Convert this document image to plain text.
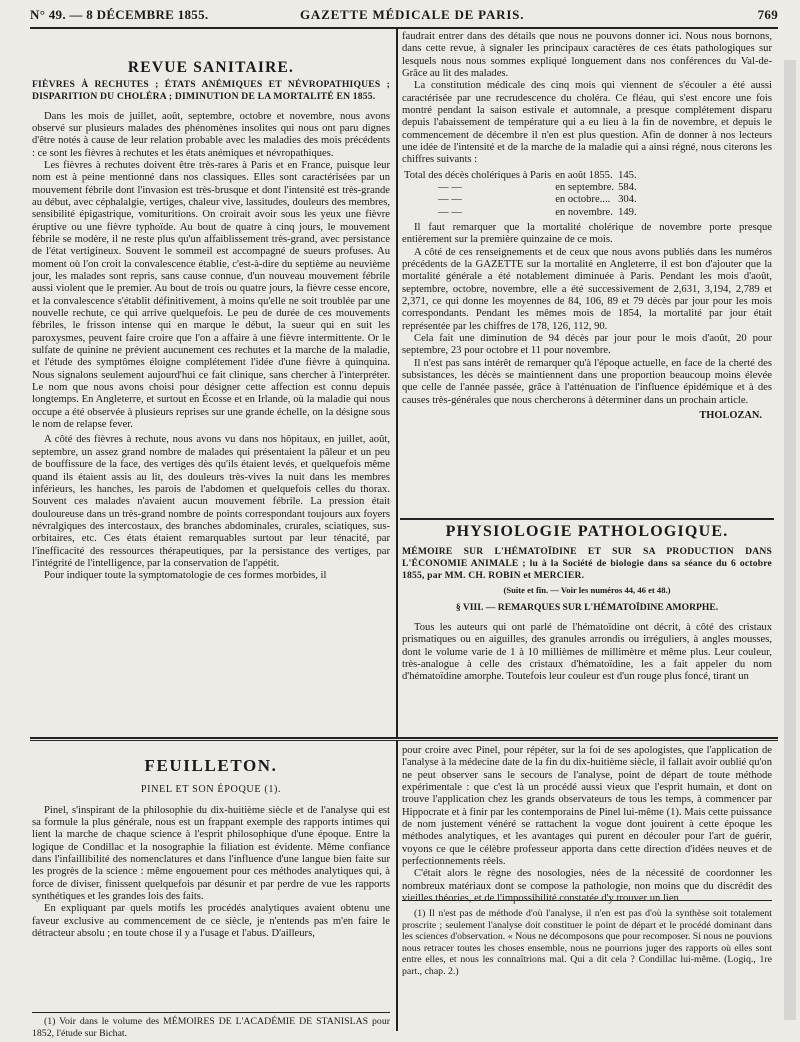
N° 49. — 8 DÉCEMBRE 1855.	GAZETTE MÉDICALE DE PARIS.	769
REVUE SANITAIRE.
FIÈVRES À RECHUTES ; ÉTATS ANÉMIQUES ET NÉVROPATHIQUES ; DISPARITION DU CHOLÉRA ; DIMINUTION DE LA MORTALITÉ EN 1855.

Dans les mois de juillet, août, septembre, octobre et novembre, nous avons observé sur plusieurs malades des phénomènes insolites qui nous ont paru dignes d'être notés à cause de leur relation probable avec les maladies des mois précédents : ce sont les fièvres à rechutes et les états anémiques et névropathiques.

Les fièvres à rechutes doivent être très-rares à Paris et en France, puisque leur nom est à peine mentionné dans nos classiques. Elles sont caractérisées par un mouvement fébrile dont l'invasion est très-brusque et dont l'intensité est très-grande au début, avec céphalalgie, vertiges, chaleur vive, lassitudes, douleurs des membres, sensibilité épigastrique, vomituritions. On croirait avoir sous les yeux une fièvre éruptive ou une fièvre typhoïde. Au bout de quatre à cinq jours, le mouvement fébrile se modère, il ne reste plus qu'un affaiblissement très-grand, avec persistance de l'état vertigineux. Souvent le sommeil est accompagné de sueurs profuses. Au moment où l'on croit la convalescence établie, c'est-à-dire du septième au neuvième jour, les malades sont repris, sans cause connue, d'un nouveau mouvement fébrile aussi violent que le premier. Au bout de trois ou quatre jours, la fièvre cesse encore, et la convalescence s'établit définitivement, à moins qu'elle ne soit troublée par une nouvelle rechute, ce qui arrive quelquefois. Le peu de durée de ces mouvements fébriles, le frisson intense qui en marque le début, la sueur qui en suit les paroxysmes, peuvent faire croire que l'on a affaire à une fièvre intermittente. Or le sulfate de quinine ne prévient aucunement ces rechutes et la marche de la maladie, et l'étude des symptômes éloigne complétement l'idée d'une fièvre à quinquina. Nous signalons seulement aujourd'hui ce fait clinique, sans chercher à l'interpréter. Le nom que nous avons choisi pour désigner cette affection est connu depuis longtemps. En Angleterre, et surtout en Écosse et en Irlande, où la maladie qui nous occupe a été observée à plusieurs reprises sur une grande échelle, on la désigne sous le nom de relapse fever.

A côté des fièvres à rechute, nous avons vu dans nos hôpitaux, en juillet, août, septembre, un assez grand nombre de malades qui présentaient la pâleur et un peu de bouffissure de la face, des vertiges dès qu'ils étaient levés, et quelquefois même quand ils étaient assis au lit, des douleurs très-vives la nuit dans les membres inférieurs, les hanches, les parois de l'abdomen et quelquefois celles du thorax. Souvent ces malades n'avaient aucun mouvement fébrile. La pression était douloureuse dans un très-grand nombre de points correspondant toujours aux foyers névralgiques des intercostaux, des branches abdominales, crurales, sciatiques, sus-orbitaires, etc. Ces états étaient remarquables surtout par leur ténacité, par l'inefficacité des ressources thérapeutiques, par la persistance des vertiges, par l'intégrité de l'intelligence, par la conservation de l'appétit.

Pour indiquer toute la symptomatologie de ces formes morbides, il

faudrait entrer dans des détails que nous ne pouvons donner ici. Nous nous bornons, dans cette revue, à signaler les principaux caractères de ces états pathologiques sur lesquels nous nous sommes expliqué longuement dans nos conférences du Val-de-Grâce au lit des malades.

La constitution médicale des cinq mois qui viennent de s'écouler a été aussi caractérisée par une recrudescence du choléra. Ce fléau, qui s'est encore une fois montré pendant la saison estivale et automnale, a presque complétement disparu depuis l'abaissement de température qui a eu lieu à la fin de novembre, et depuis le commencement de décembre il n'en est plus question. Afin de donner à nos lecteurs une idée de l'intensité et de la marche de la maladie qui a ainsi régné, nous citerons les chiffres suivants :

Total des décès cholériques à Paris	en août 1855.	145.
— —	en septembre.	584.
— —	en octobre....	304.
— —	en novembre.	149.

Il faut remarquer que la mortalité cholérique de novembre porte presque entièrement sur la première quinzaine de ce mois.

A côté de ces renseignements et de ceux que nous avons publiés dans les numéros précédents de la GAZETTE sur la mortalité en Angleterre, il est bon d'ajouter que la mortalité générale a été notablement diminuée à Paris. Pendant les mois d'août, septembre, octobre, novembre, elle a été successivement de 2,631, 3,194, 2,789 et 2,371, ce qui donne les moyennes de 84, 106, 89 et 79 décès par jour pour les mois correspondants. Pendant les mêmes mois de 1854, la mortalité par jour était représentée par les chiffres de 178, 126, 112, 90.

Cela fait une diminution de 94 décès par jour pour le mois d'août, 20 pour septembre, 23 pour octobre et 11 pour novembre.

Il n'est pas sans intérêt de remarquer qu'à l'époque actuelle, en face de la cherté des subsistances, les décès se maintiennent dans une proportion beaucoup moins élevée que celle de l'année passée, grâce à l'atténuation de l'influence épidémique et à des causes très-générales que nous chercherons à déterminer dans un prochain article.

THOLOZAN.
PHYSIOLOGIE PATHOLOGIQUE.
MÉMOIRE SUR L'HÉMATOÏDINE ET SUR SA PRODUCTION DANS L'ÉCONOMIE ANIMALE ; lu à la Société de biologie dans sa séance du 6 octobre 1855, par MM. CH. ROBIN et MERCIER.
(Suite et fin. — Voir les numéros 44, 46 et 48.)
§ VIII. — REMARQUES SUR L'HÉMATOÏDINE AMORPHE.

Tous les auteurs qui ont parlé de l'hématoïdine ont décrit, à côté des cristaux prismatiques ou en aiguilles, des granules arrondis ou irréguliers, à angles mousses, dont le volume varie de 1 à 10 millièmes de millimètre et même plus. Leur couleur, très-analogue à celle des cristaux d'hématoïdine, les a fait appeler du nom d'hématoïdine amorphe. Toutefois leur couleur est d'un rouge plus foncé, tirant un

FEUILLETON.
PINEL ET SON ÉPOQUE (1).

Pinel, s'inspirant de la philosophie du dix-huitième siècle et de l'analyse qui est sa formule la plus générale, nous est un frappant exemple des rapports intimes qui lient la marche de chaque science à l'esprit philosophique d'une époque. Entre la logique de Condillac et la nosographie la filiation est évidente. Même confiance dans l'infaillibilité des nomenclatures et dans l'influence d'une langue bien faite sur les progrès de la science : même engouement pour ces méthodes analytiques qui, à force de diviser, finissent quelquefois par désunir et par perdre de vue les rapports synthétiques et les grandes lois des faits.

En expliquant par quels motifs les procédés analytiques avaient obtenu une faveur exclusive au commencement de ce siècle, je n'entends pas m'en faire le détracteur absolu ; en toute chose il y a l'usage et l'abus. D'ailleurs,

(1) Voir dans le volume des MÉMOIRES DE L'ACADÉMIE DE STANISLAS pour 1852, l'étude sur Bichat.

pour croire avec Pinel, pour répéter, sur la foi de ses apologistes, que l'application de l'analyse à la médecine date de la fin du dix-huitième siècle, il fallait avoir oublié qu'on ne peut observer sans le secours de l'analyse, point de départ de toute méthode expérimentale : que c'est là un procédé aussi vieux que l'esprit humain, et dont on trouve l'application chez les grands observateurs de tous les temps, à commencer par Hippocrate et à finir par les contemporains de Pinel lui-même (1). Mais cette puissance de nom justement vénéré se rattachent la vogue dont jouirent à cette époque les méthodes analytiques, et les avantages qui purent en découler pour l'art de guérir, voyons ce que le célèbre professeur apporta dans cette direction d'idées neuves et de perfectionnements réels.

C'était alors le règne des nosologies, nées de la nécessité de coordonner les nombreux matériaux dont se compose la pathologie, non moins que du discrédit des vieilles théories, et de l'impossibilité constatée d'y trouver un lien

(1) Il n'est pas de méthode d'où l'analyse, il n'en est pas d'où la synthèse soit totalement proscrite ; seulement l'analyse doit constituer le point de départ et le procédé dominant dans les sciences d'observation. « Nous ne décomposons que pour recomposer. Si nous ne pouvions nous retracer toutes les choses ensemble, nous ne pourrions juger des rapports où elles sont entre elles, et nous les connaîtrions mal. Qui a dit cela ? Condillac lui-même. (Logiq., 1re part., chap. 2.)
